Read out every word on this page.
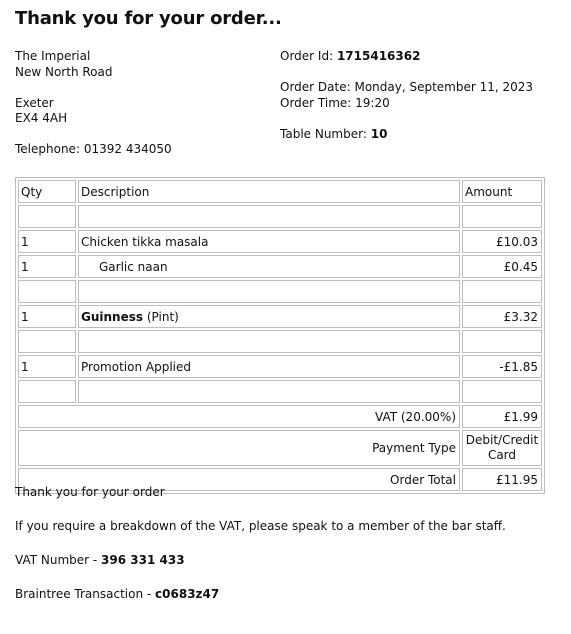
Thank you for your order...
The Imperial
New North Road
Exeter
EX4 4AH
Telephone: 01392 434050
Order Id: 1715416362
Order Date: Monday, September 11, 2023
Order Time: 19:20
Table Number: 10
Qty	Description	Amount

1	Chicken tikka masala	£10.03
1	Garlic naan	£0.45

1	Guinness (Pint)	£3.32

1	Promotion Applied	-£1.85

VAT (20.00%)		£1.99
Payment Type		Debit/Credit Card
Order Total		£11.95

Thank you for your order

If you require a breakdown of the VAT, please speak to a member of the bar staff.

VAT Number - 396 331 433

Braintree Transaction - c0683z47
